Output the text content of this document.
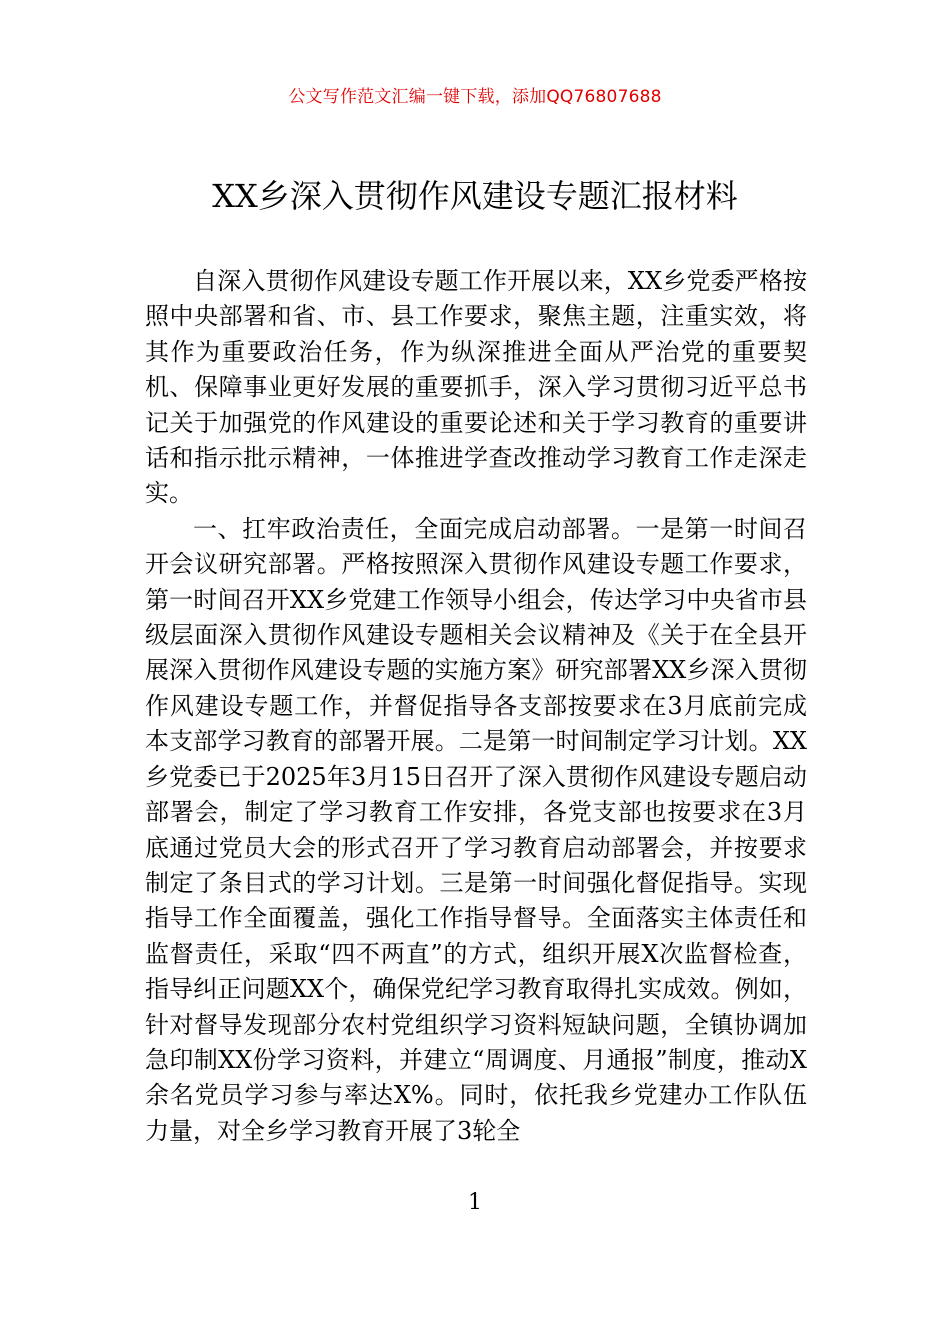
公文写作范文汇编一键下载，添加QQ76807688
XX乡深入贯彻作风建设专题汇报材料

自深入贯彻作风建设专题工作开展以来，XX乡党委严格按照中央部署和省、市、县工作要求，聚焦主题，注重实效，将其作为重要政治任务，作为纵深推进全面从严治党的重要契机、保障事业更好发展的重要抓手，深入学习贯彻习近平总书记关于加强党的作风建设的重要论述和关于学习教育的重要讲话和指示批示精神，一体推进学查改推动学习教育工作走深走实。

一、扛牢政治责任，全面完成启动部署。一是第一时间召开会议研究部署。严格按照深入贯彻作风建设专题工作要求，第一时间召开XX乡党建工作领导小组会，传达学习中央省市县级层面深入贯彻作风建设专题相关会议精神及《关于在全县开展深入贯彻作风建设专题的实施方案》研究部署XX乡深入贯彻作风建设专题工作，并督促指导各支部按要求在3月底前完成本支部学习教育的部署开展。二是第一时间制定学习计划。XX乡党委已于2025年3月15日召开了深入贯彻作风建设专题启动部署会，制定了学习教育工作安排，各党支部也按要求在3月底通过党员大会的形式召开了学习教育启动部署会，并按要求制定了条目式的学习计划。三是第一时间强化督促指导。实现指导工作全面覆盖，强化工作指导督导。全面落实主体责任和监督责任，采取“四不两直”的方式，组织开展X次监督检查，指导纠正问题XX个，确保党纪学习教育取得扎实成效。例如，针对督导发现部分农村党组织学习资料短缺问题，全镇协调加急印制XX份学习资料，并建立“周调度、月通报”制度，推动X余名党员学习参与率达X%。同时，依托我乡党建办工作队伍力量，对全乡学习教育开展了3轮全

1
